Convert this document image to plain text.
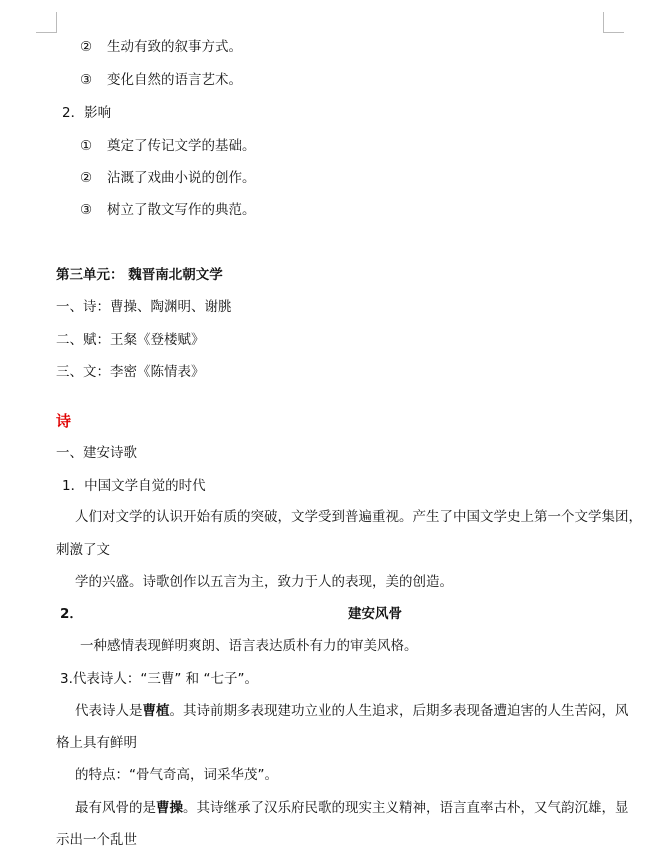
② 生动有致的叙事方式。
③ 变化自然的语言艺术。
2．影响
① 奠定了传记文学的基础。
② 沾溉了戏曲小说的创作。
③ 树立了散文写作的典范。
第三单元： 魏晋南北朝文学
一、诗：曹操、陶渊明、谢朓
二、赋：王粲《登楼赋》
三、文：李密《陈情表》
诗
一、建安诗歌
1．中国文学自觉的时代
人们对文学的认识开始有质的突破，文学受到普遍重视。产生了中国文学史上第一个文学集团，
刺激了文
学的兴盛。诗歌创作以五言为主，致力于人的表现，美的创造。
2．	建安风骨
一种感情表现鲜明爽朗、语言表达质朴有力的审美风格。
3.代表诗人：“三曹” 和 “七子”。
代表诗人是曹植。其诗前期多表现建功立业的人生追求，后期多表现备遭迫害的人生苦闷，风
格上具有鲜明
的特点：“骨气奇高，词采华茂”。
最有风骨的是曹操。其诗继承了汉乐府民歌的现实主义精神，语言直率古朴，又气韵沉雄，显
示出一个乱世
